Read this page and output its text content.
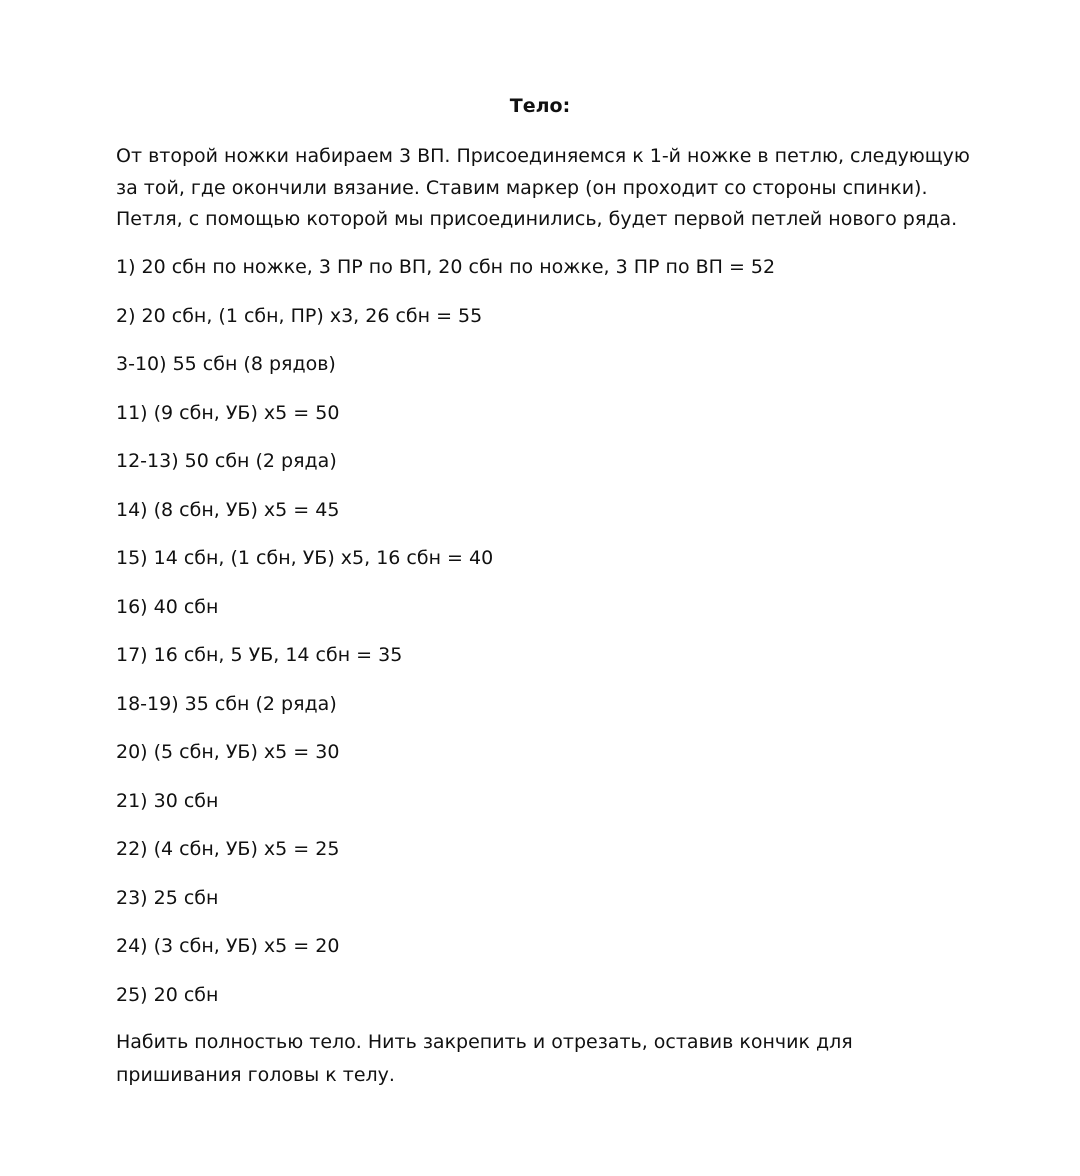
Тело:

От второй ножки набираем 3 ВП. Присоединяемся к 1-й ножке в петлю, следующую за той, где окончили вязание. Ставим маркер (он проходит со стороны спинки). Петля, с помощью которой мы присоединились, будет первой петлей нового ряда.

1) 20 сбн по ножке, 3 ПР по ВП, 20 сбн по ножке, 3 ПР по ВП = 52
2) 20 сбн, (1 сбн, ПР) х3, 26 сбн = 55
3-10) 55 сбн (8 рядов)
11) (9 сбн, УБ) х5 = 50
12-13) 50 сбн (2 ряда)
14) (8 сбн, УБ) х5 = 45
15) 14 сбн, (1 сбн, УБ) х5, 16 сбн = 40
16) 40 сбн
17) 16 сбн, 5 УБ, 14 сбн = 35
18-19) 35 сбн (2 ряда)
20) (5 сбн, УБ) х5 = 30
21) 30 сбн
22) (4 сбн, УБ) х5 = 25
23) 25 сбн
24) (3 сбн, УБ) х5 = 20
25) 20 сбн

Набить полностью тело. Нить закрепить и отрезать, оставив кончик для пришивания головы к телу.
